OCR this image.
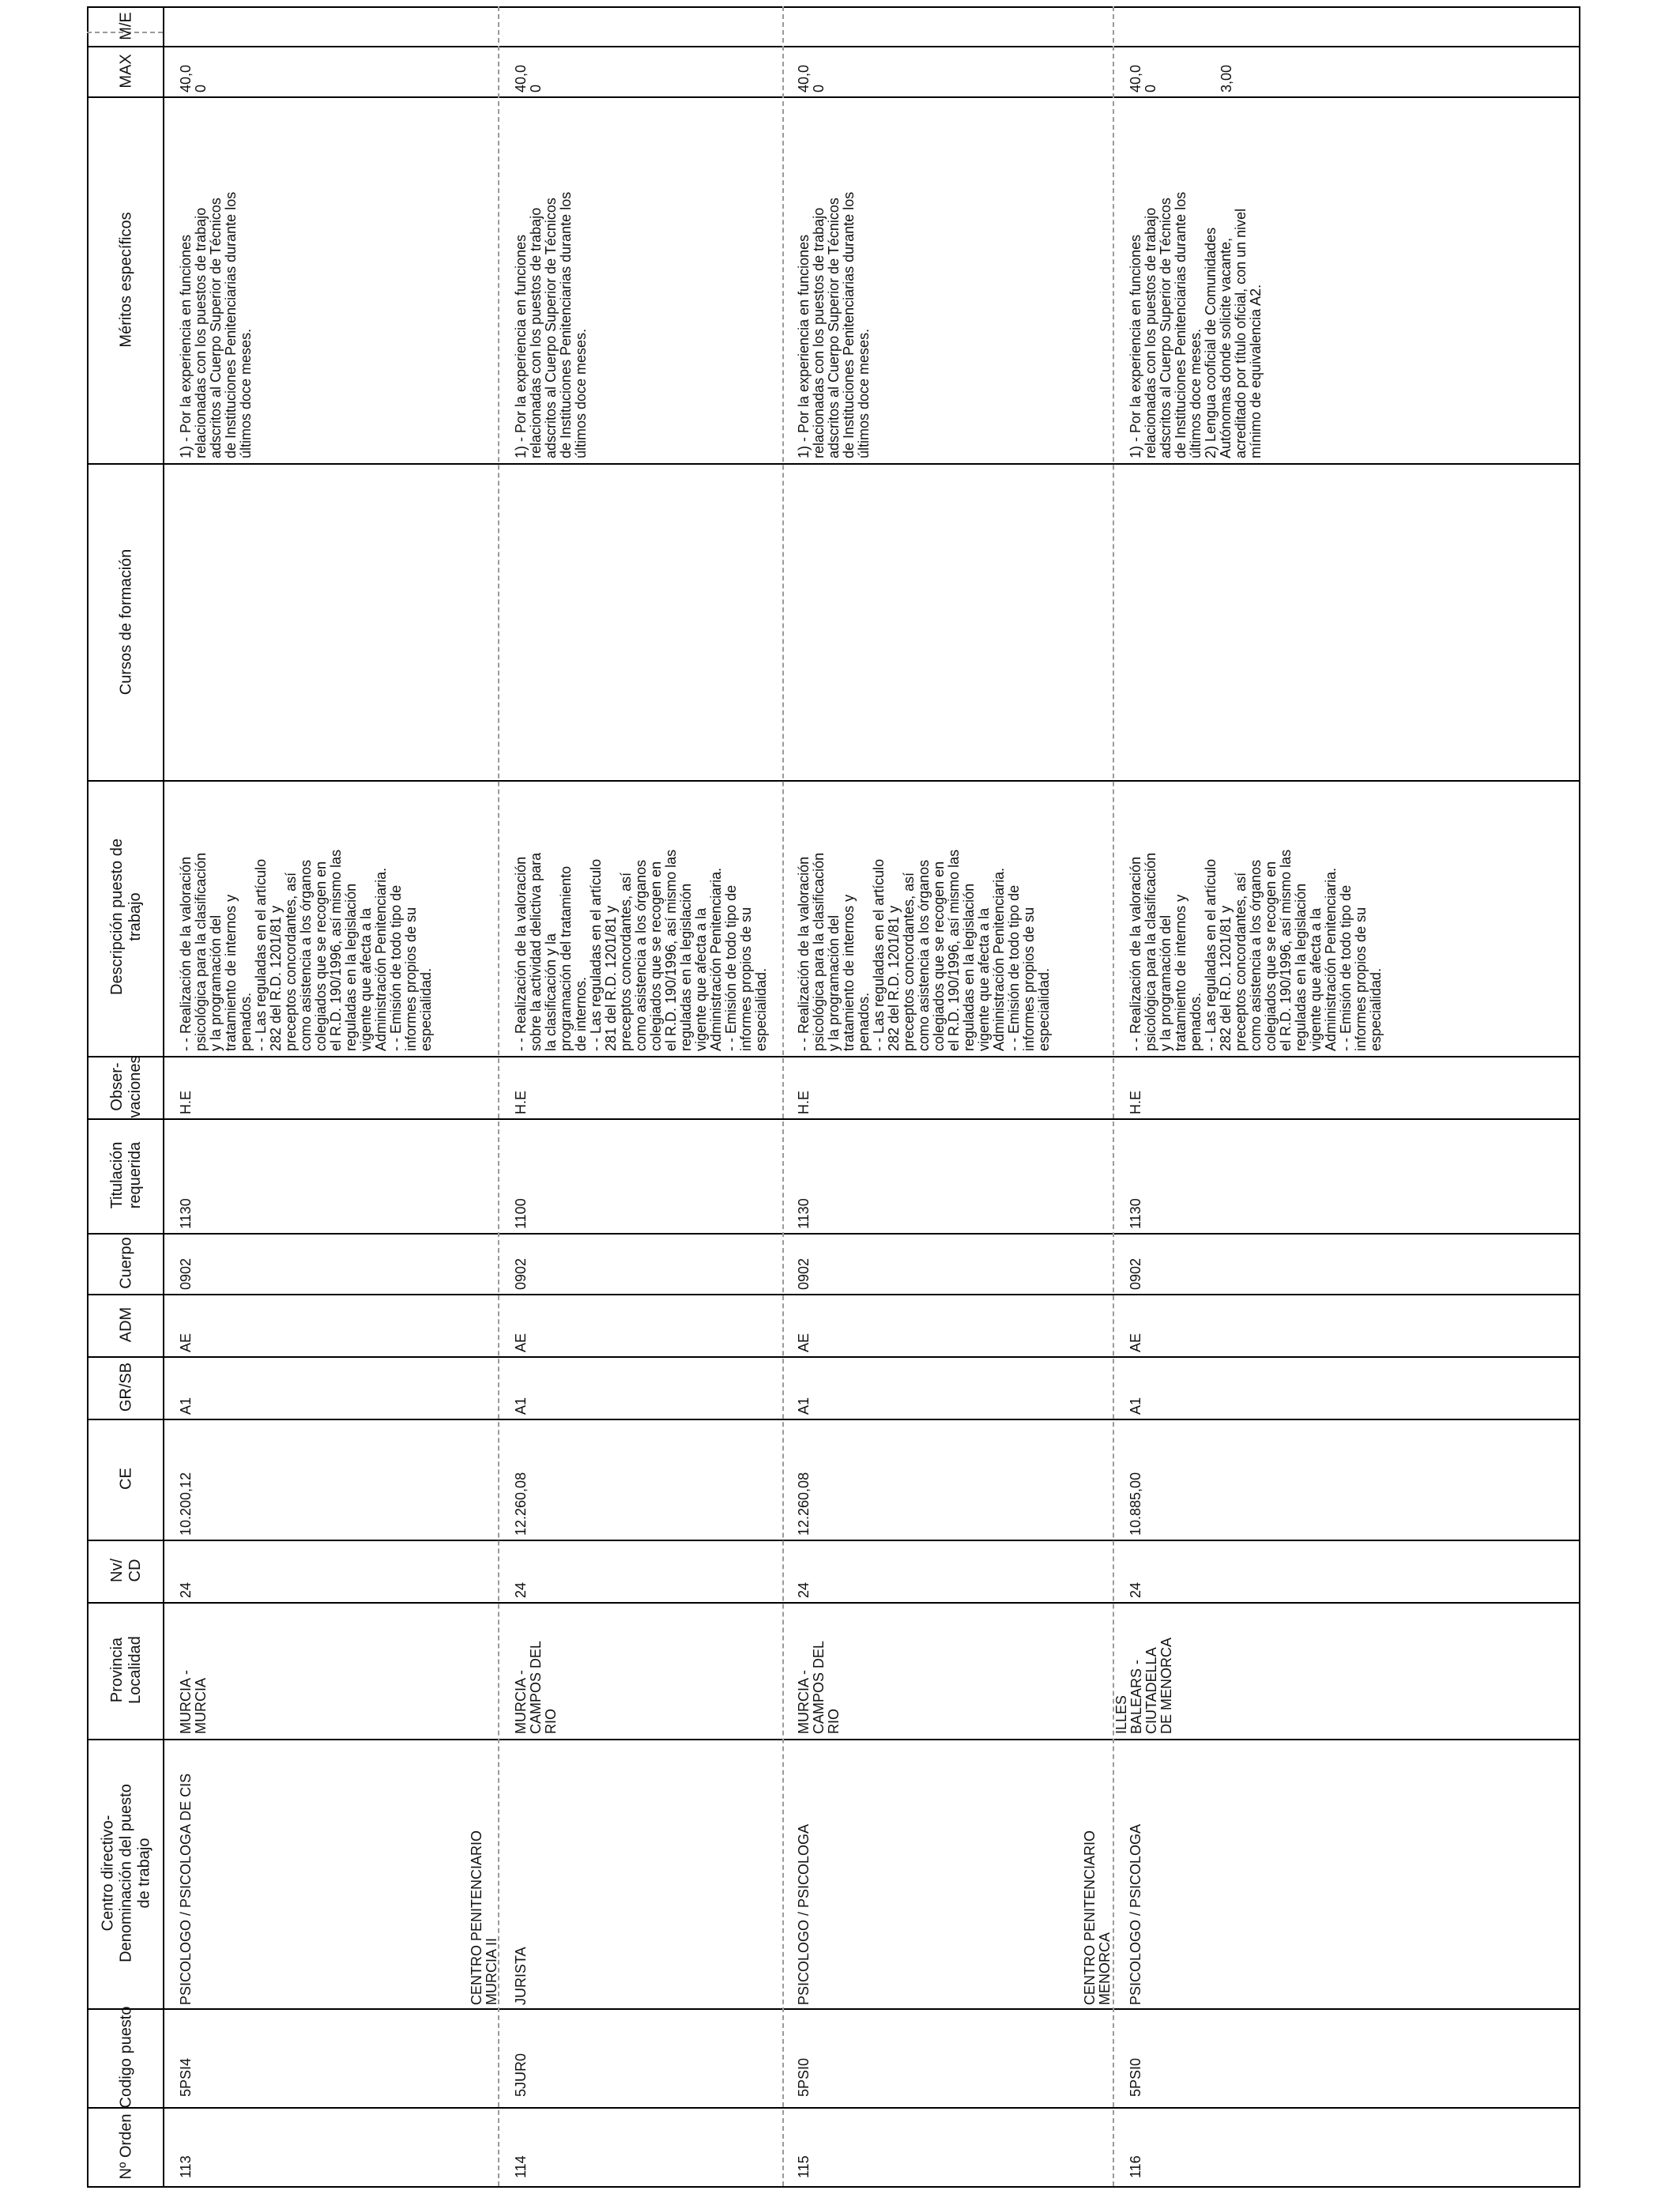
Nº Orden
Codigo puesto
Centro directivo-
Denominación del puesto
de trabajo
Provincia
Localidad
Nv/
CD
CE
GR/SB
ADM
Cuerpo
Titulación
requerida
Obser-
vaciones
Descripción puesto de
trabajo
Cursos de formación
Méritos específicos
MAX
M/E
113
5PSI4
PSICOLOGO / PSICOLOGA DE CIS
MURCIA -
MURCIA
24
10.200,12
A1
AE
0902
1130
H.E
- - Realización de la valoración
psicológica para la clasificación
y la programación del
tratamiento de internos y
penados.
- - Las reguladas en el artículo
282 del R.D. 1201/81 y
preceptos concordantes, así
como asistencia a los órganos
colegiados que se recogen en
el R.D. 190/1996, así mismo las
reguladas en la legislación
vigente que afecta a la
Administración Penitenciaria.
- - Emisión de todo tipo de
informes propios de su
especialidad.
1) - Por la experiencia en funciones
relacionadas con los puestos de trabajo
adscritos al Cuerpo Superior de Técnicos
de Instituciones Penitenciarias durante los
últimos doce meses.
40,0
0
114
5JUR0
CENTRO PENITENCIARIO
MURCIA II
JURISTA
MURCIA -
CAMPOS DEL
RIO
24
12.260,08
A1
AE
0902
1100
H.E
- - Realización de la valoración
sobre la actividad delictiva para
la clasificación y la
programación del tratamiento
de internos.
- - Las reguladas en el artículo
281 del R.D. 1201/81 y
preceptos concordantes, así
como asistencia a los órganos
colegiados que se recogen en
el R.D. 190/1996, así mismo las
reguladas en la legislación
vigente que afecta a la
Administración Penitenciaria.
- - Emisión de todo tipo de
informes propios de su
especialidad.
1) - Por la experiencia en funciones
relacionadas con los puestos de trabajo
adscritos al Cuerpo Superior de Técnicos
de Instituciones Penitenciarias durante los
últimos doce meses.
40,0
0
115
5PSI0
PSICOLOGO / PSICOLOGA
MURCIA -
CAMPOS DEL
RIO
24
12.260,08
A1
AE
0902
1130
H.E
- - Realización de la valoración
psicológica para la clasificación
y la programación del
tratamiento de internos y
penados.
- - Las reguladas en el artículo
282 del R.D. 1201/81 y
preceptos concordantes, así
como asistencia a los órganos
colegiados que se recogen en
el R.D. 190/1996, así mismo las
reguladas en la legislación
vigente que afecta a la
Administración Penitenciaria.
- - Emisión de todo tipo de
informes propios de su
especialidad.
1) - Por la experiencia en funciones
relacionadas con los puestos de trabajo
adscritos al Cuerpo Superior de Técnicos
de Instituciones Penitenciarias durante los
últimos doce meses.
40,0
0
116
5PSI0
CENTRO PENITENCIARIO
MENORCA PSICOLOGO / PSICOLOGA
ILLES
BALEARS -
CIUTADELLA
DE MENORCA
24
10.885,00
A1
AE
0902
1130
H.E
- - Realización de la valoración
psicológica para la clasificación
y la programación del
tratamiento de internos y
penados.
- - Las reguladas en el artículo
282 del R.D. 1201/81 y
preceptos concordantes, así
como asistencia a los órganos
colegiados que se recogen en
el R.D. 190/1996, así mismo las
reguladas en la legislación
vigente que afecta a la
Administración Penitenciaria.
- - Emisión de todo tipo de
informes propios de su
especialidad.
1) - Por la experiencia en funciones
relacionadas con los puestos de trabajo
adscritos al Cuerpo Superior de Técnicos
de Instituciones Penitenciarias durante los
últimos doce meses.
2) Lengua cooficial de Comunidades
Autónomas donde solicite vacante,
acreditado por título oficial, con un nivel
mínimo de equivalencia A2.
40,0
0	3,00
